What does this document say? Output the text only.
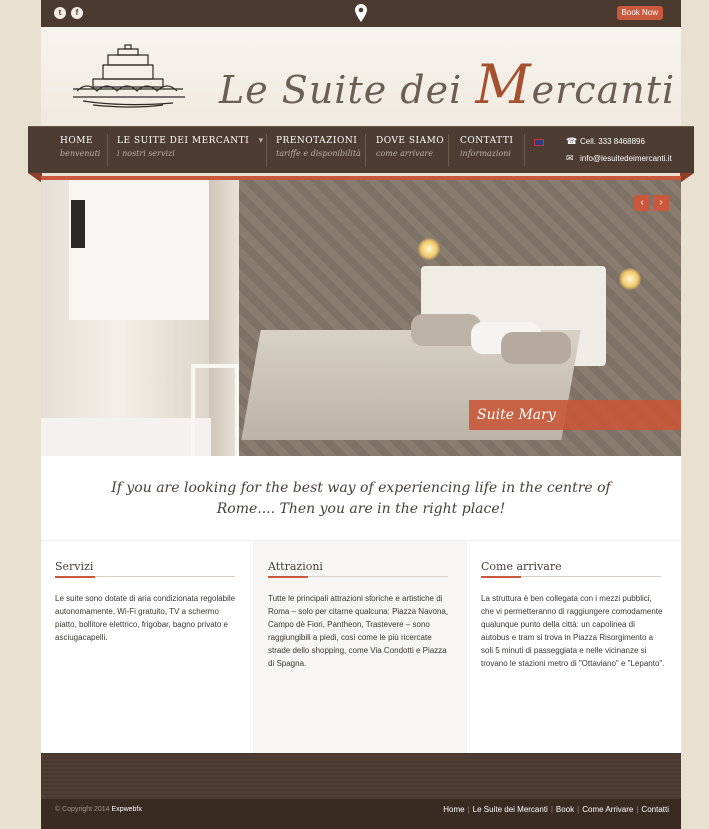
t	f	Book Now
Le Suite dei Mercanti
HOME
benvenuti
LE SUITE DEI MERCANTI ▾
i nostri servizi
PRENOTAZIONI
tariffe e disponibilità
DOVE SIAMO
come arrivare
CONTATTI
informazioni
☎ Cell. 333 8468896
✉ info@lesuitedeimercanti.it
‹ ›
Suite Mary
If you are looking for the best way of experiencing life in the centre of Rome.... Then you are in the right place!
Servizi

Le suite sono dotate di aria condizionata regolabile autonomamente, Wi-Fi gratuito, TV a schermo piatto, bollitore elettrico, frigobar, bagno privato e asciugacapelli.

Attrazioni

Tutte le principali attrazioni storiche e artistiche di Roma – solo per citarne qualcuna: Piazza Navona, Campo dè Fiori, Pantheon, Trastevere – sono raggiungibili a piedi, così come le più ricercate strade dello shopping, come Via Condotti e Piazza di Spagna.

Come arrivare

La struttura è ben collegata con i mezzi pubblici, che vi permetteranno di raggiungere comodamente qualunque punto della città: un capolinea di autobus e tram si trova in Piazza Risorgimento a soli 5 minuti di passeggiata e nelle vicinanze si trovano le stazioni metro di "Ottaviano" e "Lepanto".

© Copyright 2014 Expwebfx	Home | Le Suite dei Mercanti | Book | Come Arrivare | Contatti
